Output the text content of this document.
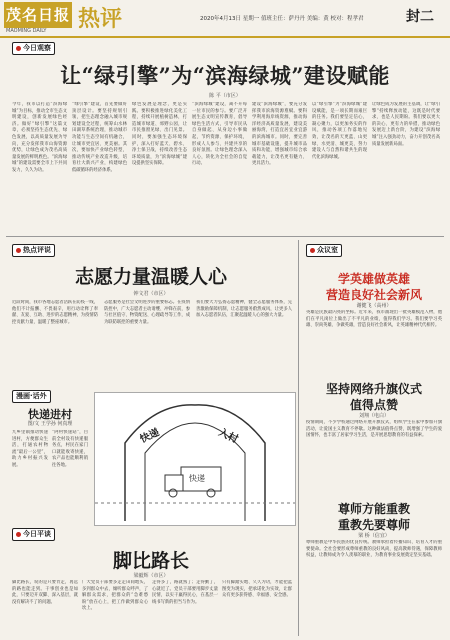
茂名日报
MAOMING DAILY 热评	2020年4月13日 星期一 值班主任：萨丹丹 美编：黄 校对：程孝君	封二
今日观察
让“绿引擎”为“滨海绿城”建设赋能
陈 平（市区）
今年，我市以打造“滨海绿城”为目标，推动全市生态文明建设，创新发展绿色经济。做好“绿引擎”这篇文章，必须坚持生态优先、绿色发展，以高质量发展为导向，充分发挥我市山海资源优势，让绿色成为茂名高质量发展的鲜明底色。“滨海绿城”的建设需要全市上下共同发力，久久为功。
“绿引擎”建设，首先要做好顶层设计。要坚持规划引领，把生态理念融入城市规划建设全过程，统筹山水林田湖草系统治理，推动城市功能与生态空间有机融合，让城市更宜居、更美丽。其次，要加快产业绿色转型，推动传统产业改造升级，培育壮大新兴产业，构建绿色低碳循环的经济体系。
绿色发展是理念，更是实践。要积极推进绿化美化工程，持续开展植树造林，打造城市绿道、郊野公园，让市民推窗见绿、出门见景。同时，要加强生态环境保护，深入打好蓝天、碧水、净土保卫战，持续改善生态环境质量，为“滨海绿城”建设提供坚实保障。
“滨海绿城”建设，离不开每一位市民的参与。要广泛开展生态文明宣传教育，倡导绿色生活方式，引导市民从自身做起、从身边小事做起，节约资源、保护环境，形成人人参与、共建共享的良好氛围。让绿色理念深入人心，转化为全社会的自觉行动。
建设“滨海绿城”，要充分发挥我市滨海资源禀赋。要科学利用海岸线资源，推动海洋经济高质量发展，建设美丽海湾，打造宜居宜业宜游的滨海城市。同时，要完善城市基础设施，提升城市品质和功能，增强城市综合承载能力，让茂名更有魅力、更具活力。
以“绿引擎”为“滨海绿城”建设赋能，是一项长期而艰巨的任务。我们要坚定信心，凝心聚力，以更加务实的作风，推动各项工作落地见效，让茂名的天更蓝、山更绿、水更清、城更美，努力建设人与自然和谐共生的现代化滨海绿城。
让绿色成为发展的主基调，让“绿引擎”持续释放动能，这既是时代要求，也是人民期盼。我们要以更大的决心、更有力的举措，推动绿色发展迈上新台阶，为建设“滨海绿城”注入强劲动力，奋力开创茂名高质量发展新局面。
热点评说
志愿力量温暖人心
钟文君（市区）
近段时间，我市各地志愿者活跃在防疫一线，他们不计报酬、不畏艰辛，用行动诠释了奉献、友爱、互助、进步的志愿精神，为疫情防控贡献力量，温暖了整座城市。
志愿服务是社会文明进步的重要标志。在疫情防控中，广大志愿者主动请缨、冲锋在前，参与社区值守、物资配送、心理疏导等工作，成为联防联控的重要力量。
我们要大力弘扬志愿精神，健全志愿服务体系，完善激励保障机制，让志愿服务蔚然成风，让更多人加入志愿者队伍，汇聚起温暖人心的强大力量。
漫画·话外
快递进村
图/文 王学孙 何真理
九乡里镇推动快递进村，方便群众生活，打通农村物流“最后一公里”，助力乡村振兴发展。
“阿村快递站”，目前全村设有快递服务点，村民在家门口就能收寄快递，农产品也能顺利销往各地。
快递	入村
快递
今日平谈
脚比路长
梁毅辉（市区）
脚比路长，说的是只要肯走，再远的路也能走到。干事创业也是如此，只要迈开双脚、深入基层，就没有解决不了的问题。
广大党员干部要多走走田间地头，多到群众中去，倾听群众呼声，了解群众需求，把群众的“急难愁盼”放在心上，把工作做到群众心坎上。
走得多了，路就熟了；走得勤了，心就近了。党员干部要用脚步丈量民情，以实干赢得民心，在基层一线书写新的担当与作为。
只有脚踏实地、久久为功，才能把蓝图变为现实，把承诺化为实效，让群众有更多获得感、幸福感、安全感。
众议室
学英雄做英雄
营造良好社会新风
谢健飞（高州）
英雄是民族最闪亮的坐标。近年来，我市涌现出一批英雄模范人物，他们在平凡岗位上做出了不平凡的业绩，值得我们学习。我们要学习英雄、崇尚英雄、争做英雄，营造良好社会新风，让英雄精神代代相传。
坚持网络升旗仪式
值得点赞
刘翔（电白）
疫情期间，不少学校通过网络开展升旗仪式，组织学生在家中参加升旗活动，让爱国主义教育不停歇。这种做法值得点赞，既增强了学生的爱国情怀，也丰富了居家学习生活，是开展思想教育的有益探索。
尊师方能重教
重教先要尊师
梁 桥（信宜）
尊师重教是中华民族的优良传统。教师承担着传播知识、培育人才的重要使命。全社会要形成尊师重教的良好风尚，提高教师待遇，保障教师权益，让教师成为令人羡慕的职业，为教育事业发展奠定坚实基础。
